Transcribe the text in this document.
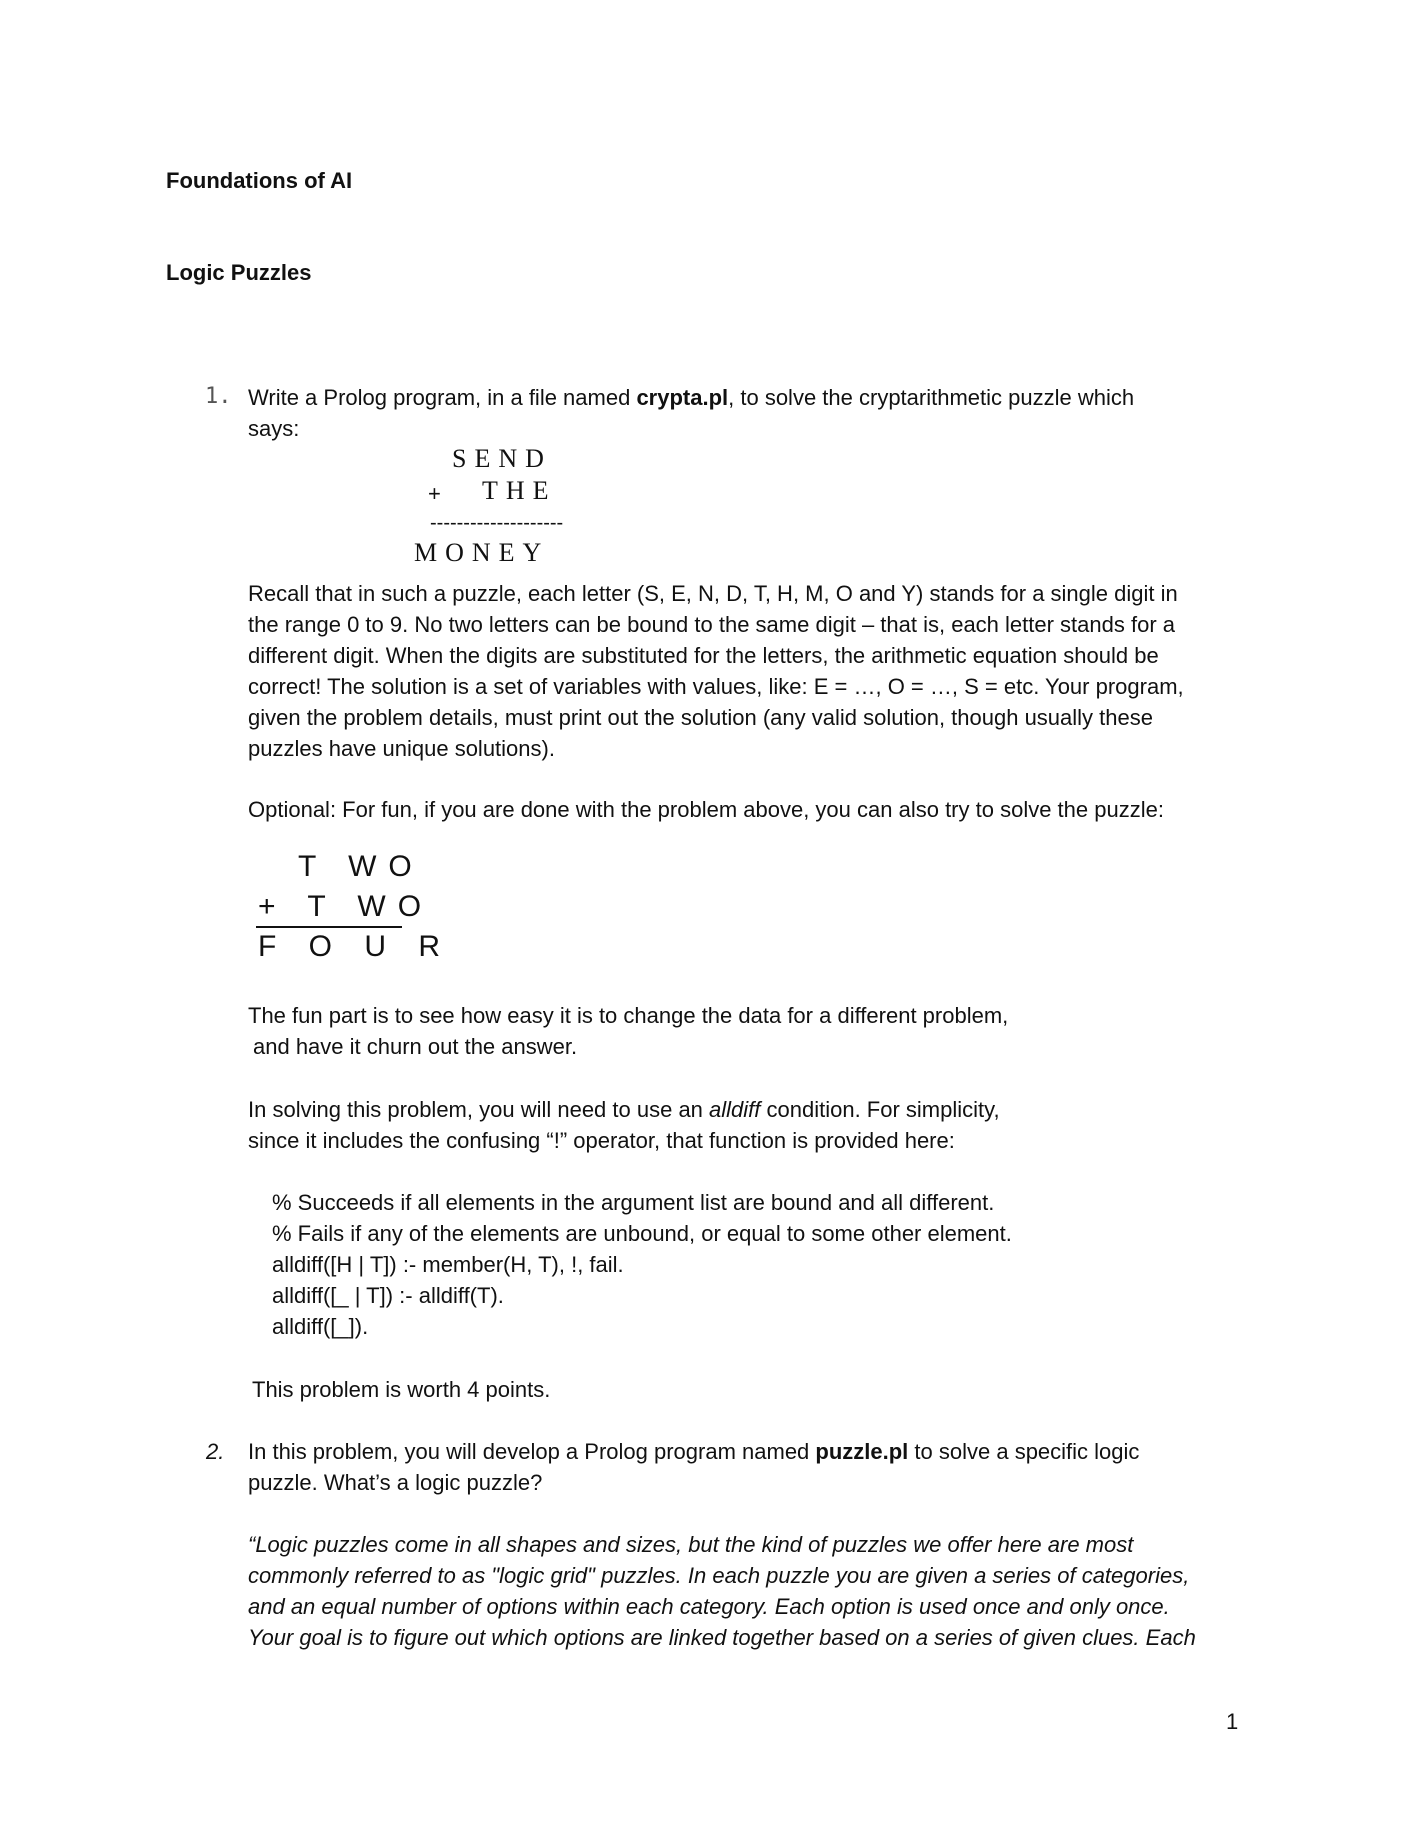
Foundations of AI
Logic Puzzles
1. Write a Prolog program, in a file named crypta.pl, to solve the cryptarithmetic puzzle which
says:
SEND
+ THE
--------------------
MONEY
Recall that in such a puzzle, each letter (S, E, N, D, T, H, M, O and Y) stands for a single digit in
the range 0 to 9. No two letters can be bound to the same digit – that is, each letter stands for a
different digit. When the digits are substituted for the letters, the arithmetic equation should be
correct! The solution is a set of variables with values, like: E = …, O = …, S = etc. Your program,
given the problem details, must print out the solution (any valid solution, though usually these
puzzles have unique solutions).
Optional: For fun, if you are done with the problem above, you can also try to solve the puzzle:
T WO
+ T WO
F O U R
The fun part is to see how easy it is to change the data for a different problem,
and have it churn out the answer.
In solving this problem, you will need to use an alldiff condition. For simplicity,
since it includes the confusing “!” operator, that function is provided here:
% Succeeds if all elements in the argument list are bound and all different.
% Fails if any of the elements are unbound, or equal to some other element.
alldiff([H | T]) :- member(H, T), !, fail.
alldiff([_ | T]) :- alldiff(T).
alldiff([_]).
This problem is worth 4 points.
2. In this problem, you will develop a Prolog program named puzzle.pl to solve a specific logic
puzzle. What’s a logic puzzle?
“Logic puzzles come in all shapes and sizes, but the kind of puzzles we offer here are most
commonly referred to as "logic grid" puzzles. In each puzzle you are given a series of categories,
and an equal number of options within each category. Each option is used once and only once.
Your goal is to figure out which options are linked together based on a series of given clues. Each
1
